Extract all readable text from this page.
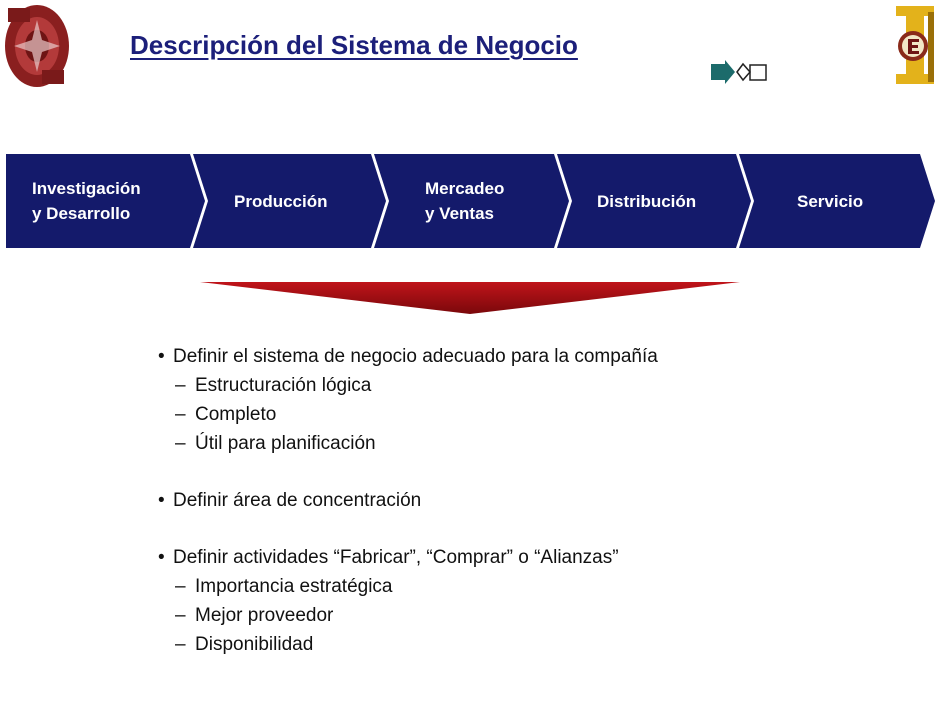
Descripción del Sistema de Negocio
Investigación
y Desarrollo
Producción
Mercadeo
y Ventas
Distribución	Servicio

• Definir el sistema de negocio adecuado para la compañía

– Estructuración lógica

– Completo

– Útil para planificación

• Definir área de concentración

• Definir actividades “Fabricar”, “Comprar” o “Alianzas”

– Importancia estratégica

– Mejor proveedor

– Disponibilidad
